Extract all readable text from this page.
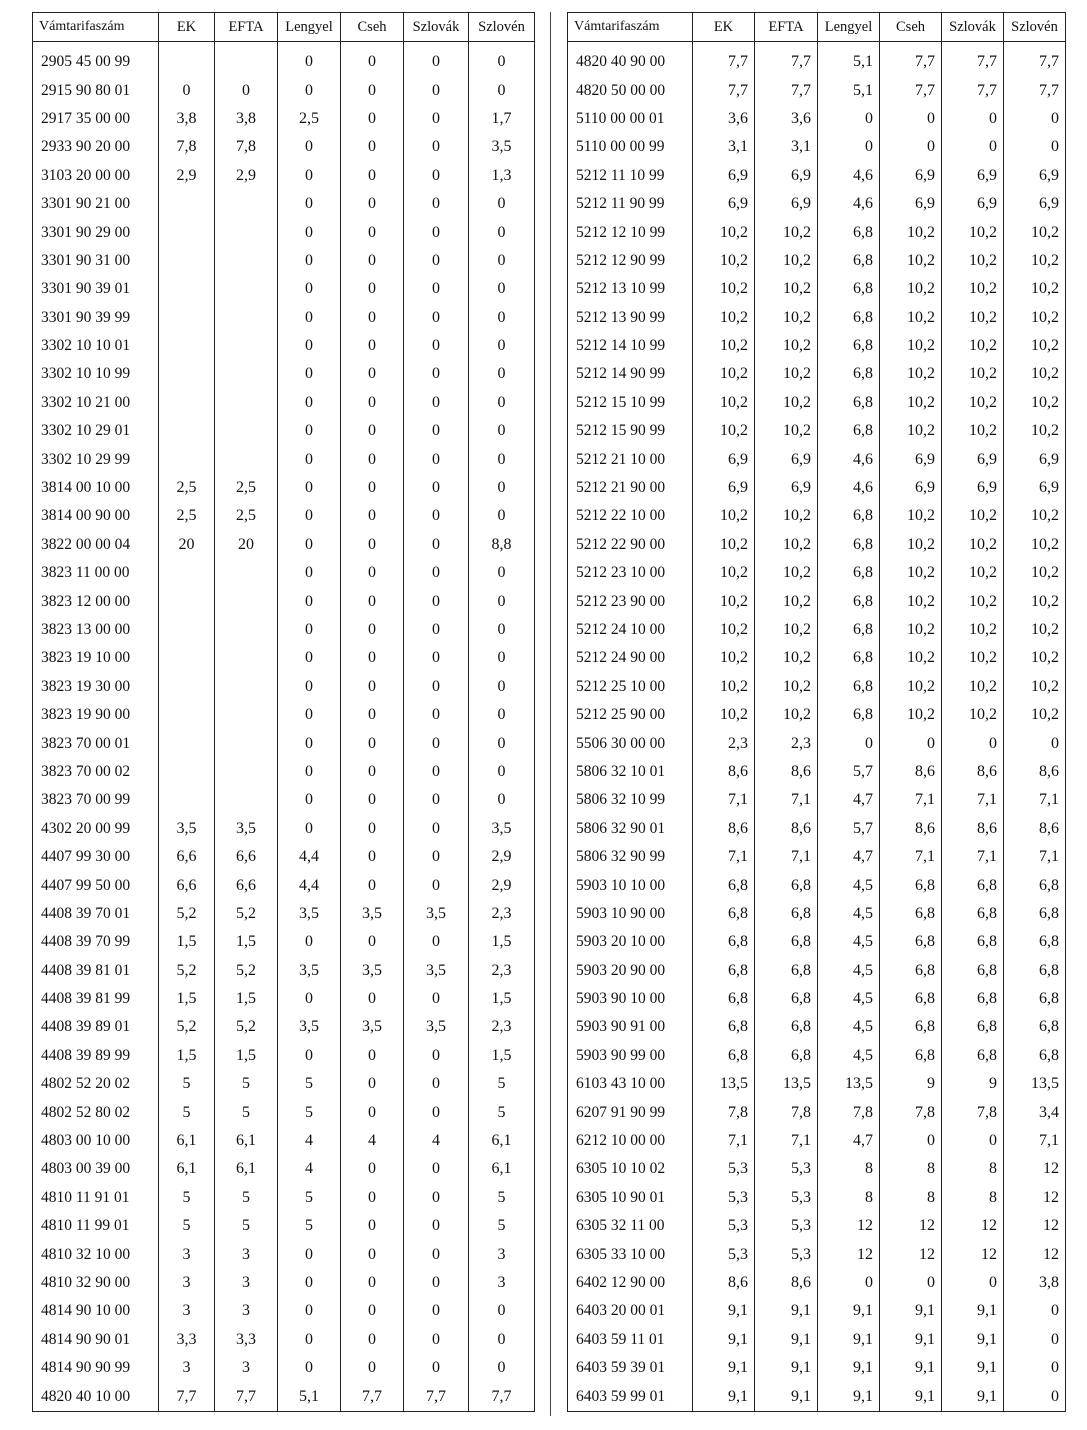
Vámtarifaszám	EK	EFTA	Lengyel	Cseh	Szlovák	Szlovén
2905 45 00 99			0	0	0	0
2915 90 80 01	0	0	0	0	0	0
2917 35 00 00	3,8	3,8	2,5	0	0	1,7
2933 90 20 00	7,8	7,8	0	0	0	3,5
3103 20 00 00	2,9	2,9	0	0	0	1,3
3301 90 21 00			0	0	0	0
3301 90 29 00			0	0	0	0
3301 90 31 00			0	0	0	0
3301 90 39 01			0	0	0	0
3301 90 39 99			0	0	0	0
3302 10 10 01			0	0	0	0
3302 10 10 99			0	0	0	0
3302 10 21 00			0	0	0	0
3302 10 29 01			0	0	0	0
3302 10 29 99			0	0	0	0
3814 00 10 00	2,5	2,5	0	0	0	0
3814 00 90 00	2,5	2,5	0	0	0	0
3822 00 00 04	20	20	0	0	0	8,8
3823 11 00 00			0	0	0	0
3823 12 00 00			0	0	0	0
3823 13 00 00			0	0	0	0
3823 19 10 00			0	0	0	0
3823 19 30 00			0	0	0	0
3823 19 90 00			0	0	0	0
3823 70 00 01			0	0	0	0
3823 70 00 02			0	0	0	0
3823 70 00 99			0	0	0	0
4302 20 00 99	3,5	3,5	0	0	0	3,5
4407 99 30 00	6,6	6,6	4,4	0	0	2,9
4407 99 50 00	6,6	6,6	4,4	0	0	2,9
4408 39 70 01	5,2	5,2	3,5	3,5	3,5	2,3
4408 39 70 99	1,5	1,5	0	0	0	1,5
4408 39 81 01	5,2	5,2	3,5	3,5	3,5	2,3
4408 39 81 99	1,5	1,5	0	0	0	1,5
4408 39 89 01	5,2	5,2	3,5	3,5	3,5	2,3
4408 39 89 99	1,5	1,5	0	0	0	1,5
4802 52 20 02	5	5	5	0	0	5
4802 52 80 02	5	5	5	0	0	5
4803 00 10 00	6,1	6,1	4	4	4	6,1
4803 00 39 00	6,1	6,1	4	0	0	6,1
4810 11 91 01	5	5	5	0	0	5
4810 11 99 01	5	5	5	0	0	5
4810 32 10 00	3	3	0	0	0	3
4810 32 90 00	3	3	0	0	0	3
4814 90 10 00	3	3	0	0	0	0
4814 90 90 01	3,3	3,3	0	0	0	0
4814 90 90 99	3	3	0	0	0	0
4820 40 10 00	7,7	7,7	5,1	7,7	7,7	7,7
Vámtarifaszám	EK	EFTA	Lengyel	Cseh	Szlovák	Szlovén
4820 40 90 00	7,7	7,7	5,1	7,7	7,7	7,7
4820 50 00 00	7,7	7,7	5,1	7,7	7,7	7,7
5110 00 00 01	3,6	3,6	0	0	0	0
5110 00 00 99	3,1	3,1	0	0	0	0
5212 11 10 99	6,9	6,9	4,6	6,9	6,9	6,9
5212 11 90 99	6,9	6,9	4,6	6,9	6,9	6,9
5212 12 10 99	10,2	10,2	6,8	10,2	10,2	10,2
5212 12 90 99	10,2	10,2	6,8	10,2	10,2	10,2
5212 13 10 99	10,2	10,2	6,8	10,2	10,2	10,2
5212 13 90 99	10,2	10,2	6,8	10,2	10,2	10,2
5212 14 10 99	10,2	10,2	6,8	10,2	10,2	10,2
5212 14 90 99	10,2	10,2	6,8	10,2	10,2	10,2
5212 15 10 99	10,2	10,2	6,8	10,2	10,2	10,2
5212 15 90 99	10,2	10,2	6,8	10,2	10,2	10,2
5212 21 10 00	6,9	6,9	4,6	6,9	6,9	6,9
5212 21 90 00	6,9	6,9	4,6	6,9	6,9	6,9
5212 22 10 00	10,2	10,2	6,8	10,2	10,2	10,2
5212 22 90 00	10,2	10,2	6,8	10,2	10,2	10,2
5212 23 10 00	10,2	10,2	6,8	10,2	10,2	10,2
5212 23 90 00	10,2	10,2	6,8	10,2	10,2	10,2
5212 24 10 00	10,2	10,2	6,8	10,2	10,2	10,2
5212 24 90 00	10,2	10,2	6,8	10,2	10,2	10,2
5212 25 10 00	10,2	10,2	6,8	10,2	10,2	10,2
5212 25 90 00	10,2	10,2	6,8	10,2	10,2	10,2
5506 30 00 00	2,3	2,3	0	0	0	0
5806 32 10 01	8,6	8,6	5,7	8,6	8,6	8,6
5806 32 10 99	7,1	7,1	4,7	7,1	7,1	7,1
5806 32 90 01	8,6	8,6	5,7	8,6	8,6	8,6
5806 32 90 99	7,1	7,1	4,7	7,1	7,1	7,1
5903 10 10 00	6,8	6,8	4,5	6,8	6,8	6,8
5903 10 90 00	6,8	6,8	4,5	6,8	6,8	6,8
5903 20 10 00	6,8	6,8	4,5	6,8	6,8	6,8
5903 20 90 00	6,8	6,8	4,5	6,8	6,8	6,8
5903 90 10 00	6,8	6,8	4,5	6,8	6,8	6,8
5903 90 91 00	6,8	6,8	4,5	6,8	6,8	6,8
5903 90 99 00	6,8	6,8	4,5	6,8	6,8	6,8
6103 43 10 00	13,5	13,5	13,5	9	9	13,5
6207 91 90 99	7,8	7,8	7,8	7,8	7,8	3,4
6212 10 00 00	7,1	7,1	4,7	0	0	7,1
6305 10 10 02	5,3	5,3	8	8	8	12
6305 10 90 01	5,3	5,3	8	8	8	12
6305 32 11 00	5,3	5,3	12	12	12	12
6305 33 10 00	5,3	5,3	12	12	12	12
6402 12 90 00	8,6	8,6	0	0	0	3,8
6403 20 00 01	9,1	9,1	9,1	9,1	9,1	0
6403 59 11 01	9,1	9,1	9,1	9,1	9,1	0
6403 59 39 01	9,1	9,1	9,1	9,1	9,1	0
6403 59 99 01	9,1	9,1	9,1	9,1	9,1	0
